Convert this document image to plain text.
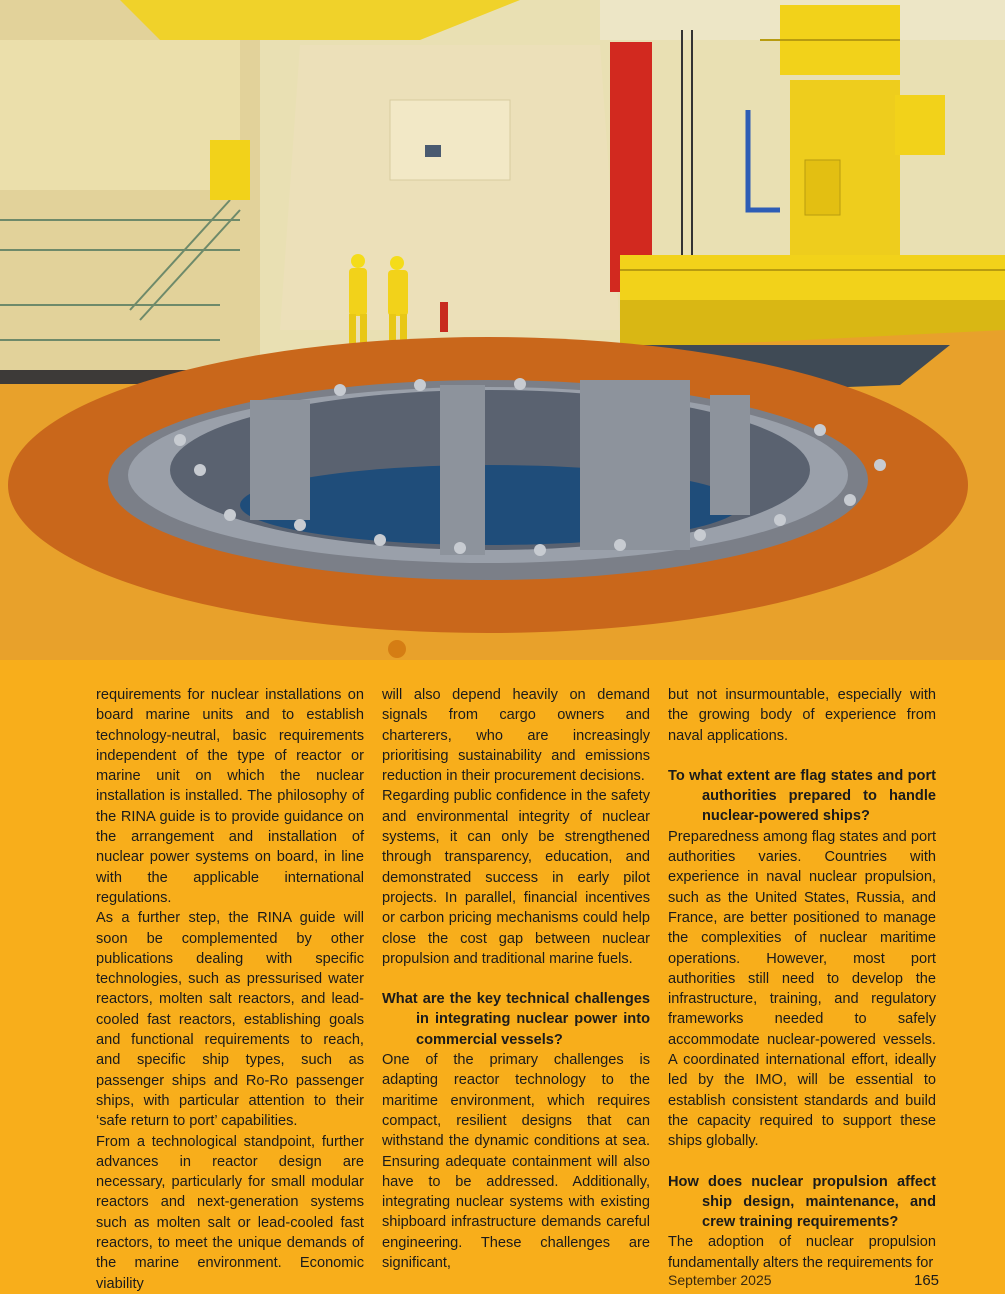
requirements for nuclear installations on board marine units and to establish technology-neutral, basic requirements independent of the type of reactor or marine unit on which the nuclear installation is installed. The philosophy of the RINA guide is to provide guidance on the arrangement and installation of nuclear power systems on board, in line with the applicable international regulations.

As a further step, the RINA guide will soon be complemented by other publications dealing with specific technologies, such as pressurised water reactors, molten salt reactors, and lead-cooled fast reactors, establishing goals and functional requirements to reach, and specific ship types, such as passenger ships and Ro-Ro passenger ships, with particular attention to their ‘safe return to port’ capabilities.

From a technological standpoint, further advances in reactor design are necessary, particularly for small modular reactors and next-generation systems such as molten salt or lead-cooled fast reactors, to meet the unique demands of the marine environment. Economic viability

will also depend heavily on demand signals from cargo owners and charterers, who are increasingly prioritising sustainability and emissions reduction in their procurement decisions.

Regarding public confidence in the safety and environmental integrity of nuclear systems, it can only be strengthened through transparency, education, and demonstrated success in early pilot projects. In parallel, financial incentives or carbon pricing mechanisms could help close the cost gap between nuclear propulsion and traditional marine fuels.

What are the key technical challenges in integrating nuclear power into commercial vessels?

One of the primary challenges is adapting reactor technology to the maritime environment, which requires compact, resilient designs that can withstand the dynamic conditions at sea. Ensuring adequate containment will also have to be addressed. Additionally, integrating nuclear systems with existing shipboard infrastructure demands careful engineering. These challenges are significant,

but not insurmountable, especially with the growing body of experience from naval applications.

To what extent are flag states and port authorities prepared to handle nuclear-powered ships?

Preparedness among flag states and port authorities varies. Countries with experience in naval nuclear propulsion, such as the United States, Russia, and France, are better positioned to manage the complexities of nuclear maritime operations. However, most port authorities still need to develop the infrastructure, training, and regulatory frameworks needed to safely accommodate nuclear-powered vessels. A coordinated international effort, ideally led by the IMO, will be essential to establish consistent standards and build the capacity required to support these ships globally.

How does nuclear propulsion affect ship design, maintenance, and crew training requirements?

The adoption of nuclear propulsion fundamentally alters the requirements for

September 2025	165
